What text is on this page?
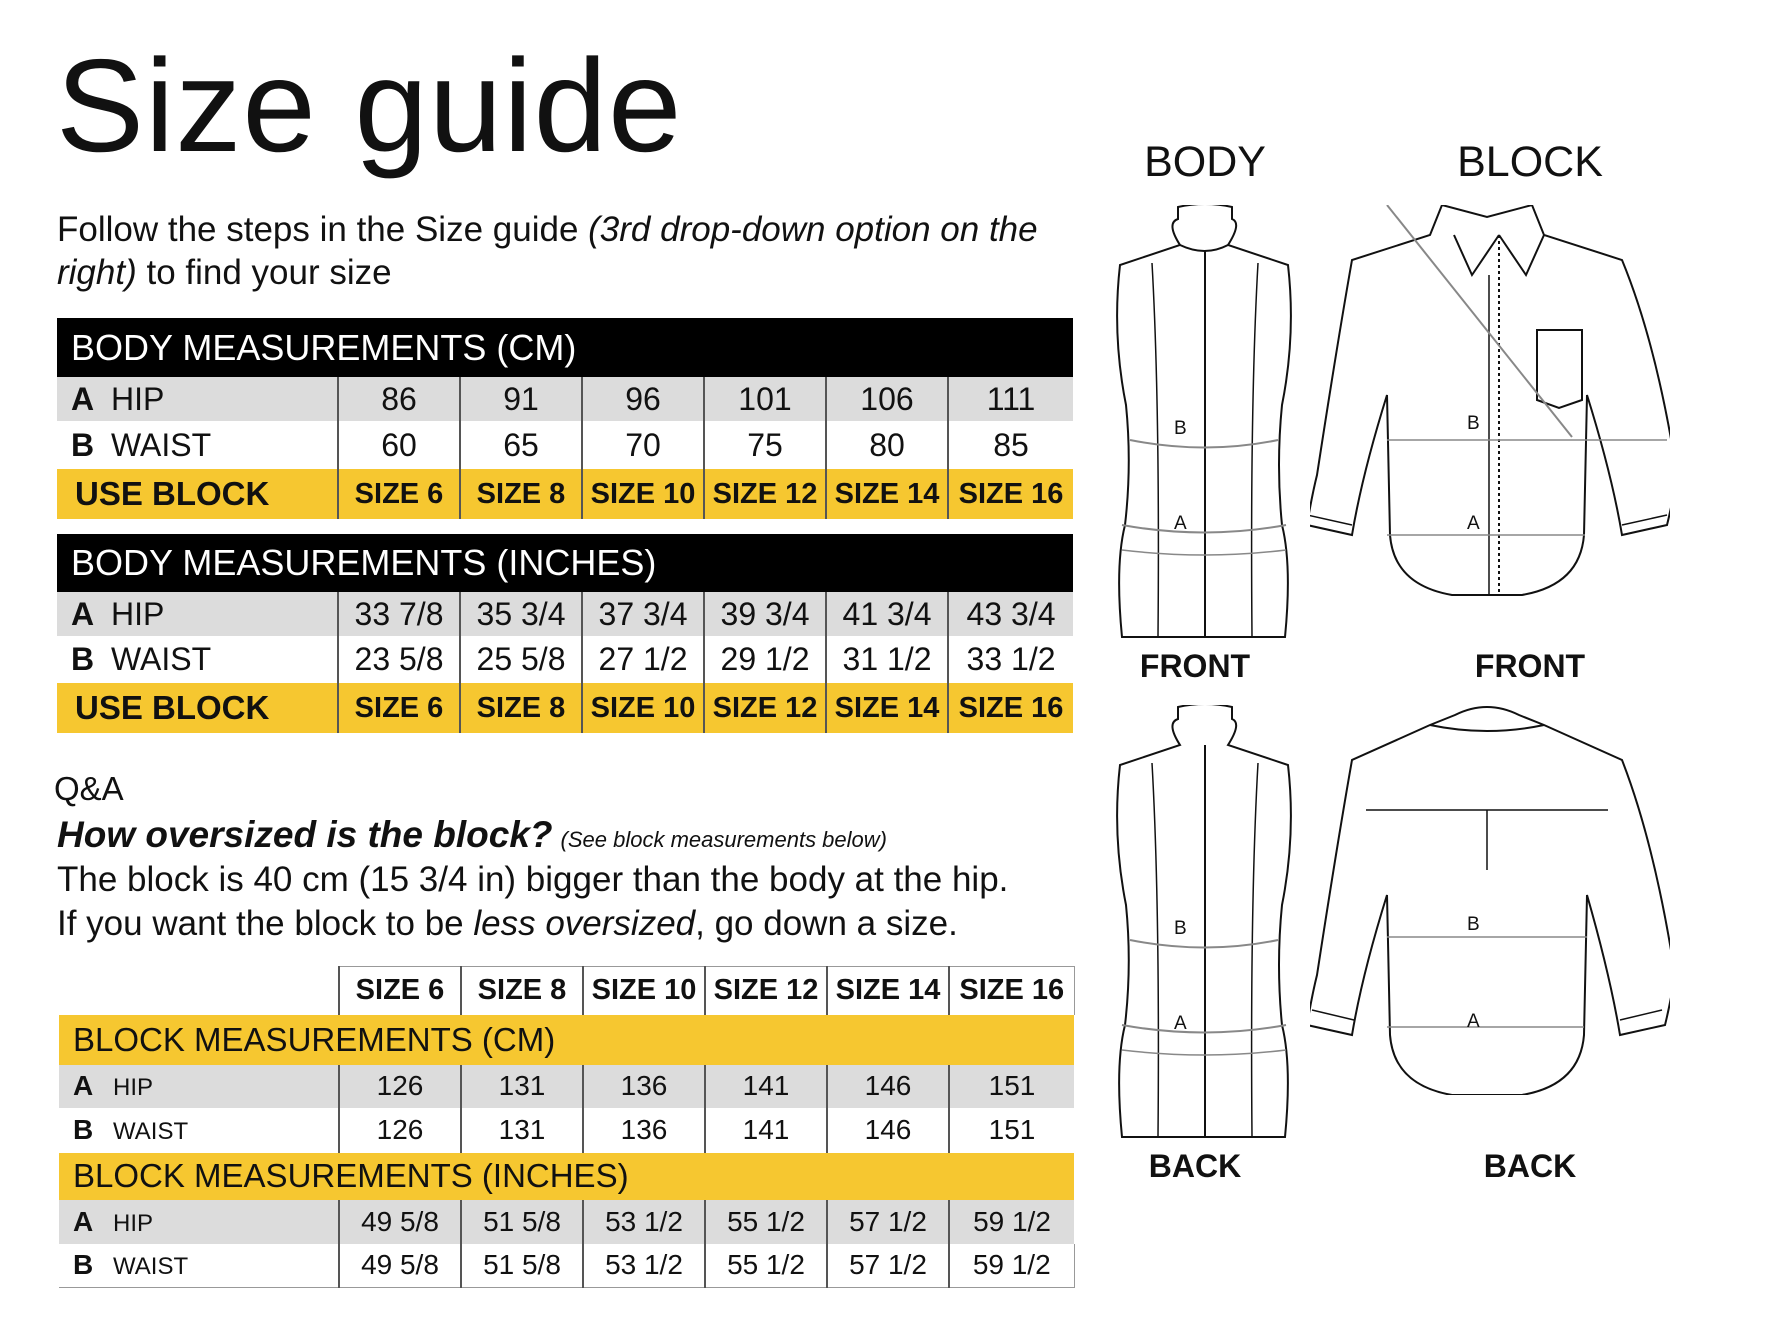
Size guide
Follow the steps in the Size guide (3rd drop-down option on the right) to find your size
BODY MEASUREMENTS (CM)						
A HIP	86	91	96	101	106	111
B WAIST	60	65	70	75	80	85
USE BLOCK	SIZE 6	SIZE 8	SIZE 10	SIZE 12	SIZE 14	SIZE 16
BODY MEASUREMENTS (INCHES)						
A HIP	33 7/8	35 3/4	37 3/4	39 3/4	41 3/4	43 3/4
B WAIST	23 5/8	25 5/8	27 1/2	29 1/2	31 1/2	33 1/2
USE BLOCK	SIZE 6	SIZE 8	SIZE 10	SIZE 12	SIZE 14	SIZE 16
Q&A
How oversized is the block? (See block measurements below)
The block is 40 cm (15 3/4 in) bigger than the body at the hip.
If you want the block to be less oversized, go down a size.
	SIZE 6	SIZE 8	SIZE 10	SIZE 12	SIZE 14	SIZE 16
BLOCK MEASUREMENTS (CM)						
A HIP	126	131	136	141	146	151
B WAIST	126	131	136	141	146	151
BLOCK MEASUREMENTS (INCHES)						
A HIP	49 5/8	51 5/8	53 1/2	55 1/2	57 1/2	59 1/2
B WAIST	49 5/8	51 5/8	53 1/2	55 1/2	57 1/2	59 1/2
BODY	BLOCK
B
A
FRONT
B
A
FRONT
B
A
BACK
B
A
BACK
